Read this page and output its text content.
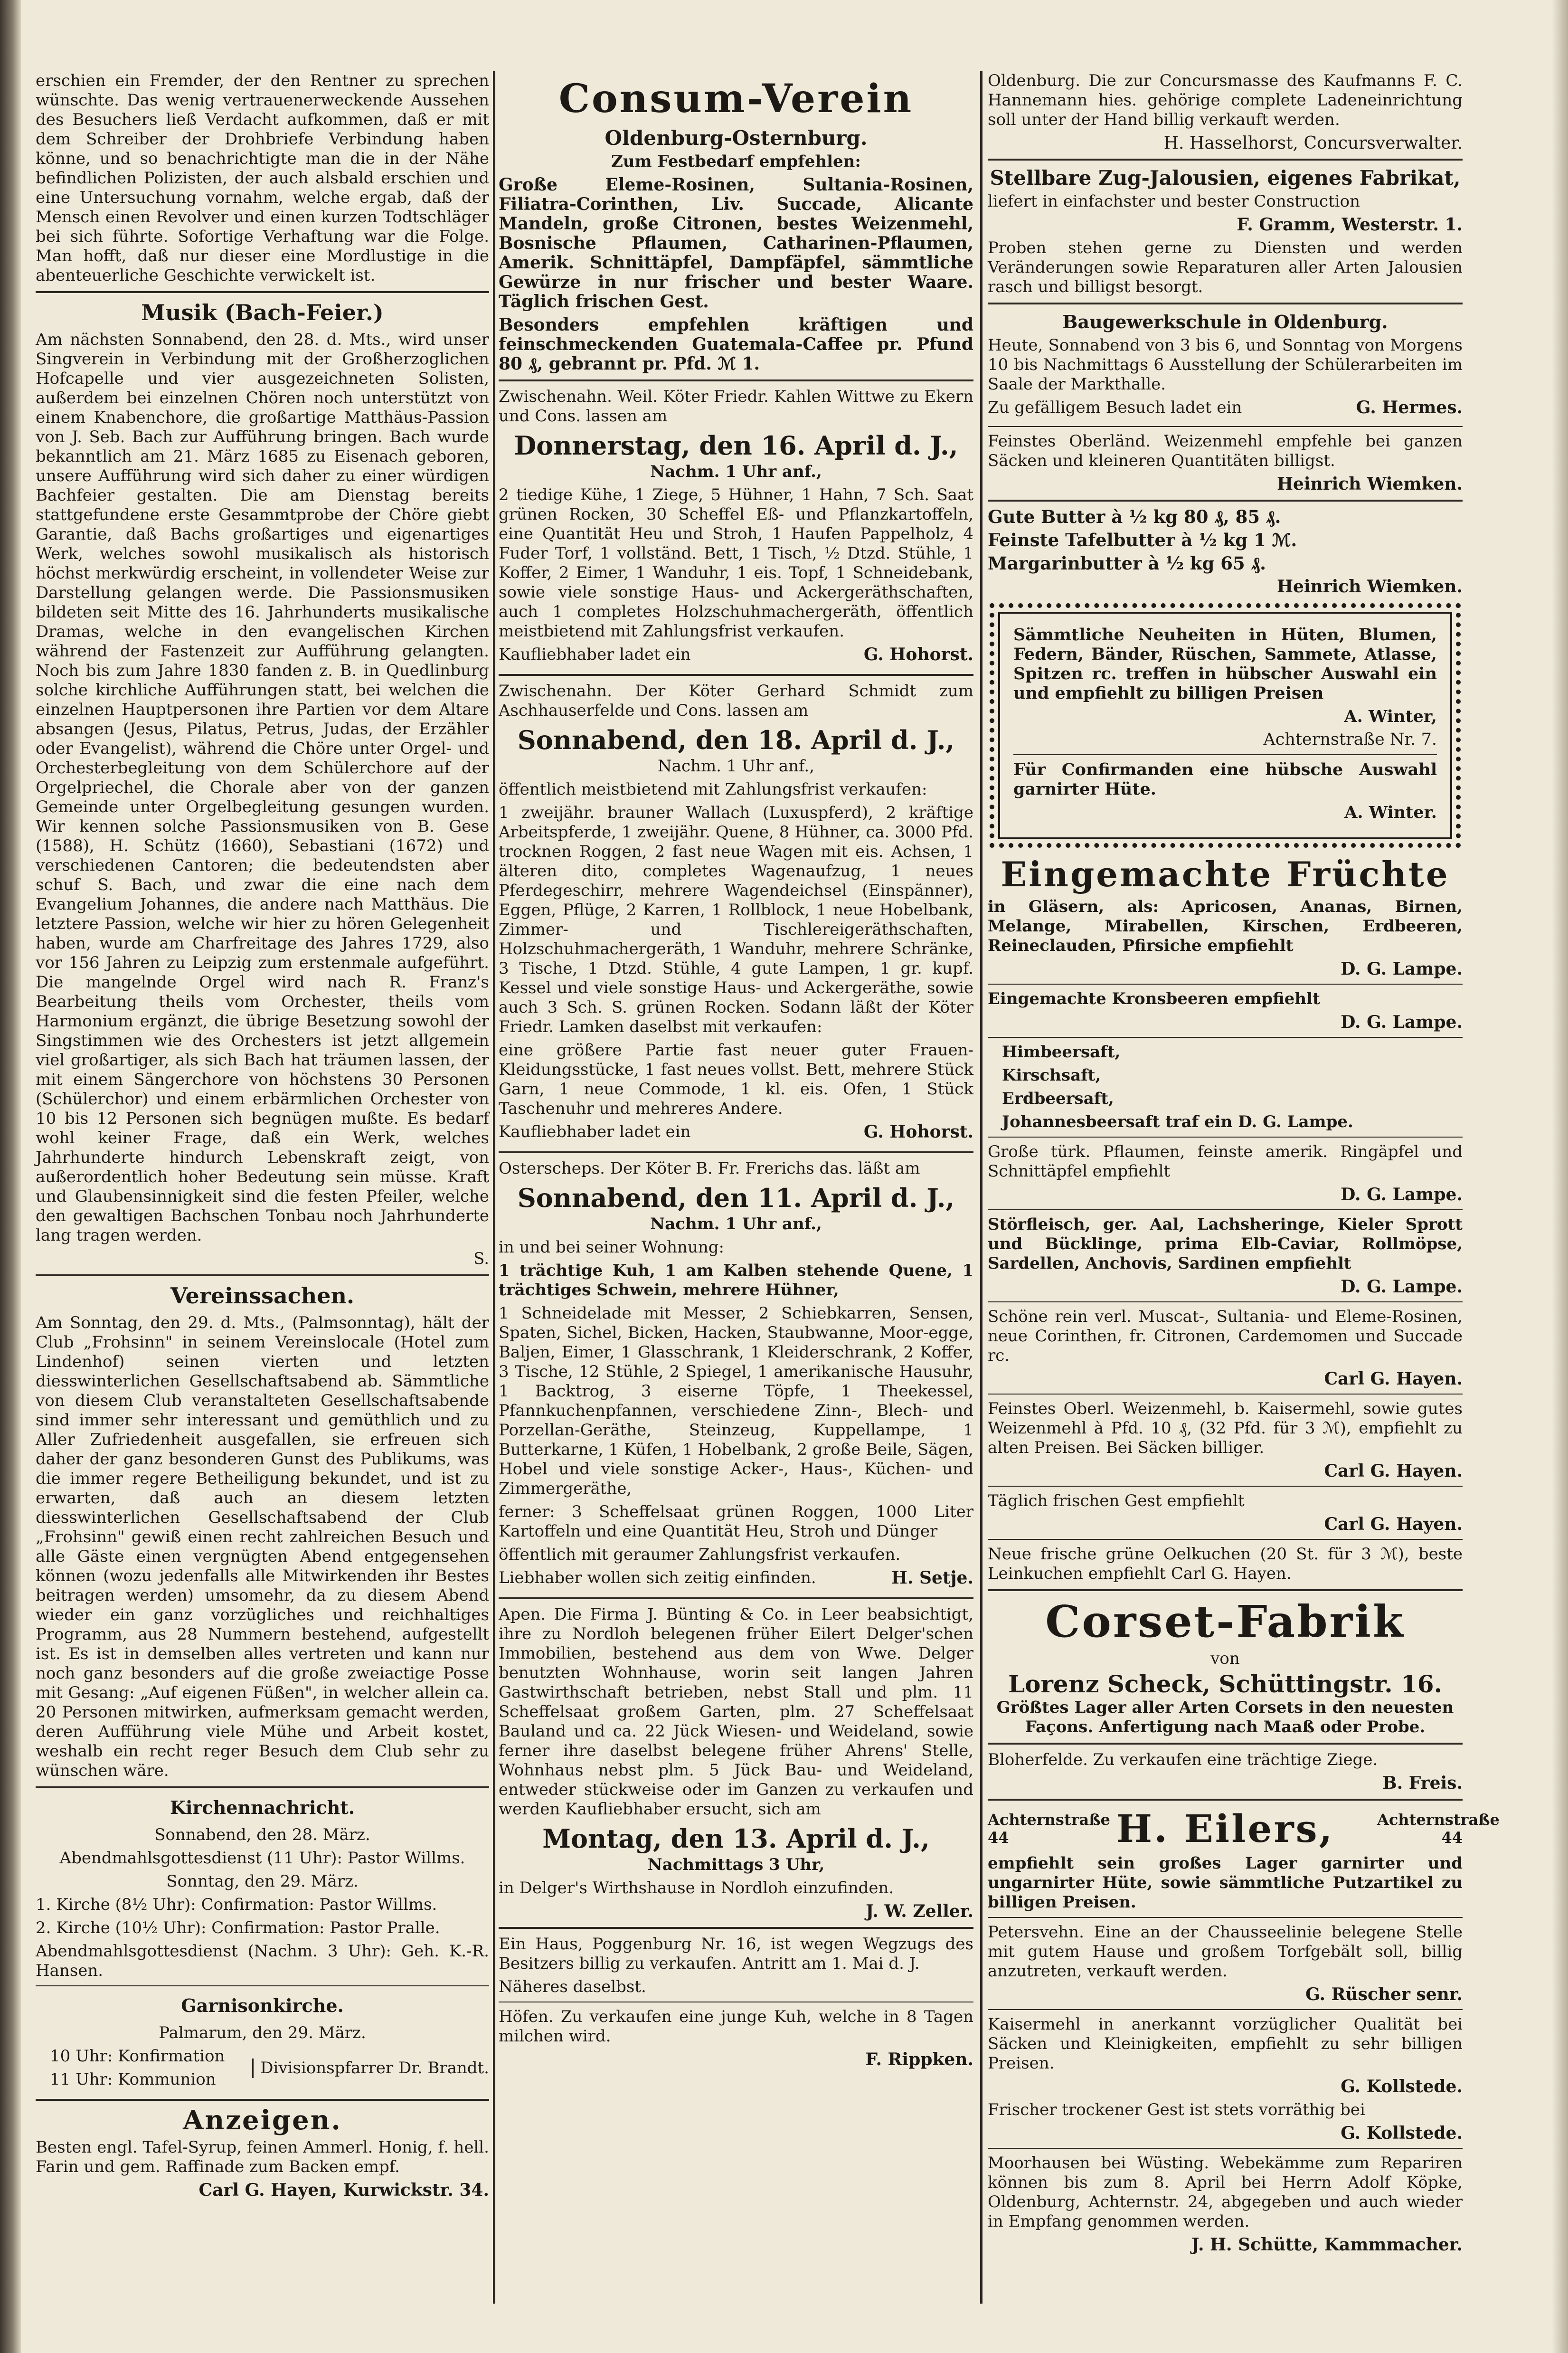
erschien ein Fremder, der den Rentner zu sprechen wünschte. Das wenig vertrauenerweckende Aussehen des Besuchers ließ Verdacht aufkommen, daß er mit dem Schreiber der Drohbriefe Verbindung haben könne, und so benachrichtigte man die in der Nähe befindlichen Polizisten, der auch alsbald erschien und eine Untersuchung vornahm, welche ergab, daß der Mensch einen Revolver und einen kurzen Todtschläger bei sich führte. Sofortige Verhaftung war die Folge. Man hofft, daß nur dieser eine Mordlustige in die abenteuerliche Geschichte verwickelt ist.

Musik (Bach-Feier.)

Am nächsten Sonnabend, den 28. d. Mts., wird unser Singverein in Verbindung mit der Großherzoglichen Hofcapelle und vier ausgezeichneten Solisten, außerdem bei einzelnen Chören noch unterstützt von einem Knabenchore, die großartige Matthäus-Passion von J. Seb. Bach zur Aufführung bringen. Bach wurde bekanntlich am 21. März 1685 zu Eisenach geboren, unsere Aufführung wird sich daher zu einer würdigen Bachfeier gestalten. Die am Dienstag bereits stattgefundene erste Gesammtprobe der Chöre giebt Garantie, daß Bachs großartiges und eigenartiges Werk, welches sowohl musikalisch als historisch höchst merkwürdig erscheint, in vollendeter Weise zur Darstellung gelangen werde. Die Passionsmusiken bildeten seit Mitte des 16. Jahrhunderts musikalische Dramas, welche in den evangelischen Kirchen während der Fastenzeit zur Aufführung gelangten. Noch bis zum Jahre 1830 fanden z. B. in Quedlinburg solche kirchliche Aufführungen statt, bei welchen die einzelnen Hauptpersonen ihre Partien vor dem Altare absangen (Jesus, Pilatus, Petrus, Judas, der Erzähler oder Evangelist), während die Chöre unter Orgel- und Orchesterbegleitung von dem Schülerchore auf der Orgelpriechel, die Chorale aber von der ganzen Gemeinde unter Orgelbegleitung gesungen wurden. Wir kennen solche Passionsmusiken von B. Gese (1588), H. Schütz (1660), Sebastiani (1672) und verschiedenen Cantoren; die bedeutendsten aber schuf S. Bach, und zwar die eine nach dem Evangelium Johannes, die andere nach Matthäus. Die letztere Passion, welche wir hier zu hören Gelegenheit haben, wurde am Charfreitage des Jahres 1729, also vor 156 Jahren zu Leipzig zum erstenmale aufgeführt. Die mangelnde Orgel wird nach R. Franz's Bearbeitung theils vom Orchester, theils vom Harmonium ergänzt, die übrige Besetzung sowohl der Singstimmen wie des Orchesters ist jetzt allgemein viel großartiger, als sich Bach hat träumen lassen, der mit einem Sängerchore von höchstens 30 Personen (Schülerchor) und einem erbärmlichen Orchester von 10 bis 12 Personen sich begnügen mußte. Es bedarf wohl keiner Frage, daß ein Werk, welches Jahrhunderte hindurch Lebenskraft zeigt, von außerordentlich hoher Bedeutung sein müsse. Kraft und Glaubensinnigkeit sind die festen Pfeiler, welche den gewaltigen Bachschen Tonbau noch Jahrhunderte lang tragen werden.

S.

Vereinssachen.

Am Sonntag, den 29. d. Mts., (Palmsonntag), hält der Club „Frohsinn" in seinem Vereinslocale (Hotel zum Lindenhof) seinen vierten und letzten diesswinterlichen Gesellschaftsabend ab. Sämmtliche von diesem Club veranstalteten Gesellschaftsabende sind immer sehr interessant und gemüthlich und zu Aller Zufriedenheit ausgefallen, sie erfreuen sich daher der ganz besonderen Gunst des Publikums, was die immer regere Betheiligung bekundet, und ist zu erwarten, daß auch an diesem letzten diesswinterlichen Gesellschaftsabend der Club „Frohsinn" gewiß einen recht zahlreichen Besuch und alle Gäste einen vergnügten Abend entgegensehen können (wozu jedenfalls alle Mitwirkenden ihr Bestes beitragen werden) umsomehr, da zu diesem Abend wieder ein ganz vorzügliches und reichhaltiges Programm, aus 28 Nummern bestehend, aufgestellt ist. Es ist in demselben alles vertreten und kann nur noch ganz besonders auf die große zweiactige Posse mit Gesang: „Auf eigenen Füßen", in welcher allein ca. 20 Personen mitwirken, aufmerksam gemacht werden, deren Aufführung viele Mühe und Arbeit kostet, weshalb ein recht reger Besuch dem Club sehr zu wünschen wäre.

Kirchennachricht.

Sonnabend, den 28. März.

Abendmahlsgottesdienst (11 Uhr): Pastor Willms.

Sonntag, den 29. März.

1. Kirche (8½ Uhr): Confirmation: Pastor Willms.

2. Kirche (10½ Uhr): Confirmation: Pastor Pralle.

Abendmahlsgottesdienst (Nachm. 3 Uhr): Geh. K.-R. Hansen.

Garnisonkirche.

Palmarum, den 29. März.

10 Uhr: Konfirmation

11 Uhr: Kommunion

Divisionspfarrer Dr. Brandt.

Anzeigen.

Besten engl. Tafel-Syrup, feinen Ammerl. Honig, f. hell. Farin und gem. Raffinade zum Backen empf.

Carl G. Hayen, Kurwickstr. 34.

Consum-Verein
Oldenburg-Osternburg.

Zum Festbedarf empfehlen:

Große Eleme-Rosinen, Sultania-Rosinen, Filiatra-Corinthen, Liv. Succade, Alicante Mandeln, große Citronen, bestes Weizenmehl, Bosnische Pflaumen, Catharinen-Pflaumen, Amerik. Schnittäpfel, Dampfäpfel, sämmtliche Gewürze in nur frischer und bester Waare. Täglich frischen Gest.

Besonders empfehlen kräftigen und feinschmeckenden Guatemala-Caffee pr. Pfund 80 ₰, gebrannt pr. Pfd. ℳ 1.

Zwischenahn. Weil. Köter Friedr. Kahlen Wittwe zu Ekern und Cons. lassen am

Donnerstag, den 16. April d. J.,

Nachm. 1 Uhr anf.,

2 tiedige Kühe, 1 Ziege, 5 Hühner, 1 Hahn, 7 Sch. Saat grünen Rocken, 30 Scheffel Eß- und Pflanzkartoffeln, eine Quantität Heu und Stroh, 1 Haufen Pappelholz, 4 Fuder Torf, 1 vollständ. Bett, 1 Tisch, ½ Dtzd. Stühle, 1 Koffer, 2 Eimer, 1 Wanduhr, 1 eis. Topf, 1 Schneidebank, sowie viele sonstige Haus- und Ackergeräthschaften, auch 1 completes Holzschuhmachergeräth, öffentlich meistbietend mit Zahlungsfrist verkaufen.

Kaufliebhaber ladet ein	G. Hohorst.

Zwischenahn. Der Köter Gerhard Schmidt zum Aschhauserfelde und Cons. lassen am

Sonnabend, den 18. April d. J.,

Nachm. 1 Uhr anf.,

öffentlich meistbietend mit Zahlungsfrist verkaufen:

1 zweijähr. brauner Wallach (Luxuspferd), 2 kräftige Arbeitspferde, 1 zweijähr. Quene, 8 Hühner, ca. 3000 Pfd. trocknen Roggen, 2 fast neue Wagen mit eis. Achsen, 1 älteren dito, completes Wagenaufzug, 1 neues Pferdegeschirr, mehrere Wagendeichsel (Einspänner), Eggen, Pflüge, 2 Karren, 1 Rollblock, 1 neue Hobelbank, Zimmer- und Tischlereigeräthschaften, Holzschuhmachergeräth, 1 Wanduhr, mehrere Schränke, 3 Tische, 1 Dtzd. Stühle, 4 gute Lampen, 1 gr. kupf. Kessel und viele sonstige Haus- und Ackergeräthe, sowie auch 3 Sch. S. grünen Rocken. Sodann läßt der Köter Friedr. Lamken daselbst mit verkaufen:

eine größere Partie fast neuer guter Frauen-Kleidungsstücke, 1 fast neues vollst. Bett, mehrere Stück Garn, 1 neue Commode, 1 kl. eis. Ofen, 1 Stück Taschenuhr und mehreres Andere.

Kaufliebhaber ladet ein	G. Hohorst.

Osterscheps. Der Köter B. Fr. Frerichs das. läßt am

Sonnabend, den 11. April d. J.,

Nachm. 1 Uhr anf.,

in und bei seiner Wohnung:

1 trächtige Kuh, 1 am Kalben stehende Quene, 1 trächtiges Schwein, mehrere Hühner,

1 Schneidelade mit Messer, 2 Schiebkarren, Sensen, Spaten, Sichel, Bicken, Hacken, Staubwanne, Moor-egge, Baljen, Eimer, 1 Glasschrank, 1 Kleiderschrank, 2 Koffer, 3 Tische, 12 Stühle, 2 Spiegel, 1 amerikanische Hausuhr, 1 Backtrog, 3 eiserne Töpfe, 1 Theekessel, Pfannkuchenpfannen, verschiedene Zinn-, Blech- und Porzellan-Geräthe, Steinzeug, Kuppellampe, 1 Butterkarne, 1 Küfen, 1 Hobelbank, 2 große Beile, Sägen, Hobel und viele sonstige Acker-, Haus-, Küchen- und Zimmergeräthe,

ferner: 3 Scheffelsaat grünen Roggen, 1000 Liter Kartoffeln und eine Quantität Heu, Stroh und Dünger

öffentlich mit geraumer Zahlungsfrist verkaufen.

Liebhaber wollen sich zeitig einfinden.	H. Setje.

Apen. Die Firma J. Bünting & Co. in Leer beabsichtigt, ihre zu Nordloh belegenen früher Eilert Delger'schen Immobilien, bestehend aus dem von Wwe. Delger benutzten Wohnhause, worin seit langen Jahren Gastwirthschaft betrieben, nebst Stall und plm. 11 Scheffelsaat großem Garten, plm. 27 Scheffelsaat Bauland und ca. 22 Jück Wiesen- und Weideland, sowie ferner ihre daselbst belegene früher Ahrens' Stelle, Wohnhaus nebst plm. 5 Jück Bau- und Weideland, entweder stückweise oder im Ganzen zu verkaufen und werden Kaufliebhaber ersucht, sich am

Montag, den 13. April d. J.,

Nachmittags 3 Uhr,

in Delger's Wirthshause in Nordloh einzufinden.

J. W. Zeller.

Ein Haus, Poggenburg Nr. 16, ist wegen Wegzugs des Besitzers billig zu verkaufen. Antritt am 1. Mai d. J.

Näheres daselbst.

Höfen. Zu verkaufen eine junge Kuh, welche in 8 Tagen milchen wird.

F. Rippken.

Oldenburg. Die zur Concursmasse des Kaufmanns F. C. Hannemann hies. gehörige complete Ladeneinrichtung soll unter der Hand billig verkauft werden.

H. Hasselhorst, Concursverwalter.

Stellbare Zug-Jalousien, eigenes Fabrikat,

liefert in einfachster und bester Construction

F. Gramm, Westerstr. 1.

Proben stehen gerne zu Diensten und werden Veränderungen sowie Reparaturen aller Arten Jalousien rasch und billigst besorgt.

Baugewerkschule in Oldenburg.

Heute, Sonnabend von 3 bis 6, und Sonntag von Morgens 10 bis Nachmittags 6 Ausstellung der Schülerarbeiten im Saale der Markthalle.

Zu gefälligem Besuch ladet ein	G. Hermes.

Feinstes Oberländ. Weizenmehl empfehle bei ganzen Säcken und kleineren Quantitäten billigst.

Heinrich Wiemken.

Gute Butter à ½ kg 80 ₰, 85 ₰.

Feinste Tafelbutter à ½ kg 1 ℳ.

Margarinbutter à ½ kg 65 ₰.

Heinrich Wiemken.

Sämmtliche Neuheiten in Hüten, Blumen, Federn, Bänder, Rüschen, Sammete, Atlasse, Spitzen rc. treffen in hübscher Auswahl ein und empfiehlt zu billigen Preisen

A. Winter,

Achternstraße Nr. 7.

Für Confirmanden eine hübsche Auswahl garnirter Hüte.

A. Winter.

Eingemachte Früchte

in Gläsern, als: Apricosen, Ananas, Birnen, Melange, Mirabellen, Kirschen, Erdbeeren, Reineclauden, Pfirsiche empfiehlt

D. G. Lampe.

Eingemachte Kronsbeeren empfiehlt

D. G. Lampe.

Himbeersaft,

Kirschsaft,

Erdbeersaft,

Johannesbeersaft traf ein D. G. Lampe.

Große türk. Pflaumen, feinste amerik. Ringäpfel und Schnittäpfel empfiehlt

D. G. Lampe.

Störfleisch, ger. Aal, Lachsheringe, Kieler Sprott und Bücklinge, prima Elb-Caviar, Rollmöpse, Sardellen, Anchovis, Sardinen empfiehlt

D. G. Lampe.

Schöne rein verl. Muscat-, Sultania- und Eleme-Rosinen, neue Corinthen, fr. Citronen, Cardemomen und Succade rc.

Carl G. Hayen.

Feinstes Oberl. Weizenmehl, b. Kaisermehl, sowie gutes Weizenmehl à Pfd. 10 ₰, (32 Pfd. für 3 ℳ), empfiehlt zu alten Preisen. Bei Säcken billiger.

Carl G. Hayen.

Täglich frischen Gest empfiehlt

Carl G. Hayen.

Neue frische grüne Oelkuchen (20 St. für 3 ℳ), beste Leinkuchen empfiehlt Carl G. Hayen.

Corset-Fabrik

von

Lorenz Scheck, Schüttingstr. 16.

Größtes Lager aller Arten Corsets in den neuesten Façons. Anfertigung nach Maaß oder Probe.

Bloherfelde. Zu verkaufen eine trächtige Ziege.

B. Freis.

Achternstraße 44	H. Eilers,	Achternstraße 44

empfiehlt sein großes Lager garnirter und ungarnirter Hüte, sowie sämmtliche Putzartikel zu billigen Preisen.

Petersvehn. Eine an der Chausseelinie belegene Stelle mit gutem Hause und großem Torfgebält soll, billig anzutreten, verkauft werden.

G. Rüscher senr.

Kaisermehl in anerkannt vorzüglicher Qualität bei Säcken und Kleinigkeiten, empfiehlt zu sehr billigen Preisen.

G. Kollstede.

Frischer trockener Gest ist stets vorräthig bei

G. Kollstede.

Moorhausen bei Wüsting. Webekämme zum Repariren können bis zum 8. April bei Herrn Adolf Köpke, Oldenburg, Achternstr. 24, abgegeben und auch wieder in Empfang genommen werden.

J. H. Schütte, Kammmacher.
